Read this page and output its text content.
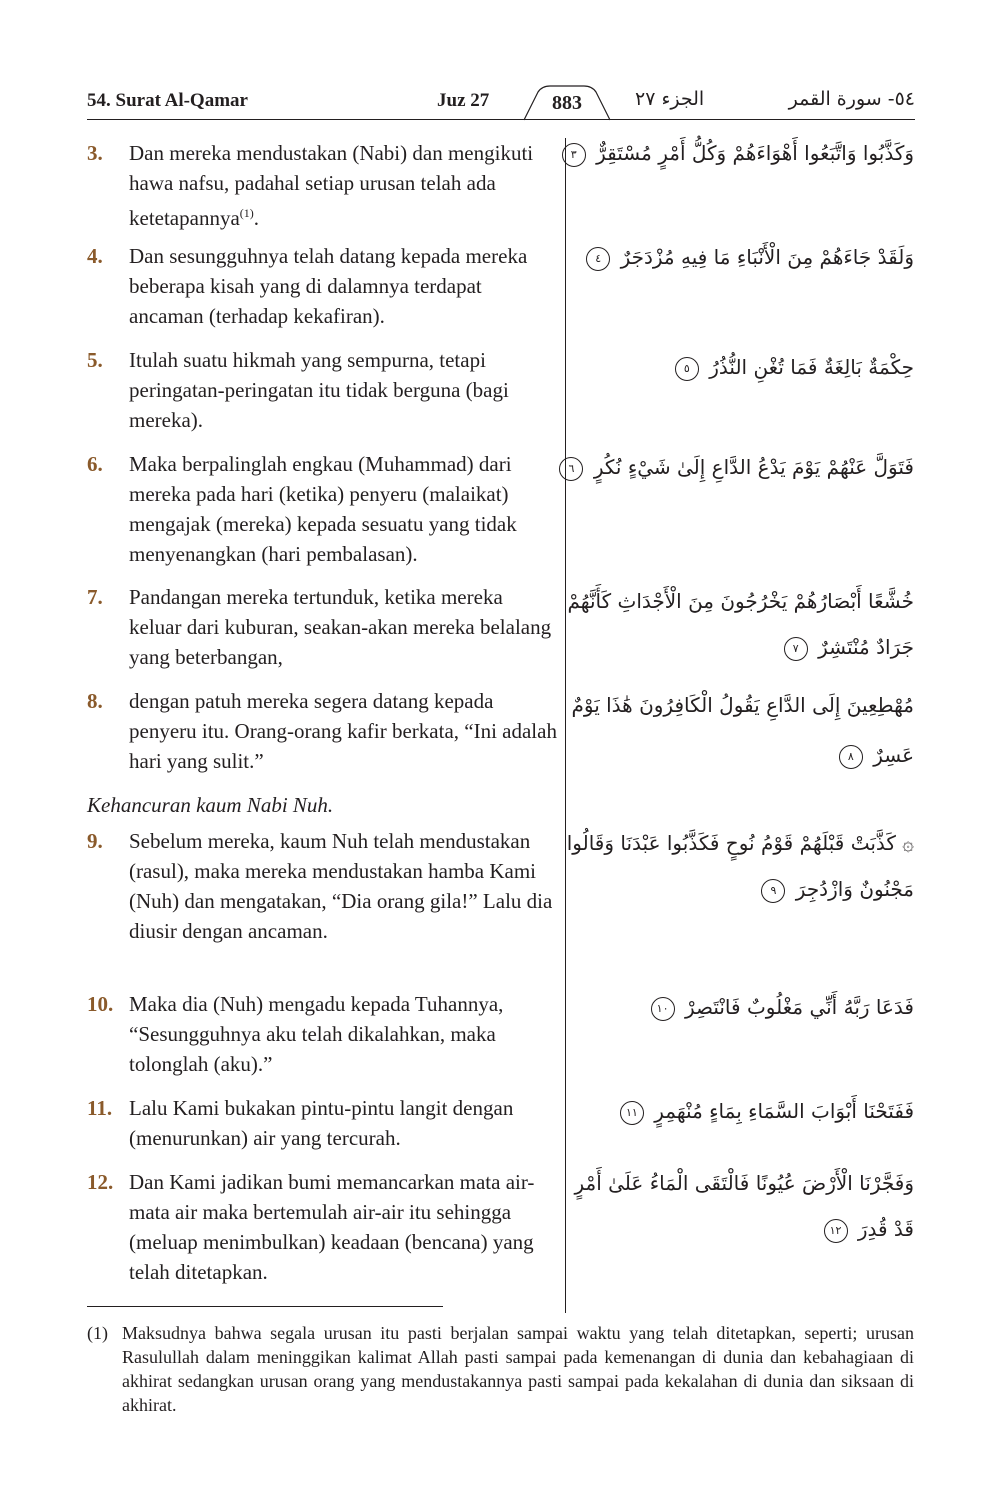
54. Surat Al-Qamar	Juz 27	883	الجزء ٢٧	٥٤- سورة القمر
3. Dan mereka mendustakan (Nabi) dan mengikuti hawa nafsu, padahal setiap urusan telah ada ketetapannya$^{(1)}$.
وَكَذَّبُوا وَاتَّبَعُوا أَهْوَاءَهُمْ وَكُلُّ أَمْرٍ مُسْتَقِرٌّ ٣
4. Dan sesungguhnya telah datang kepada mereka beberapa kisah yang di dalamnya terdapat ancaman (terhadap kekafiran).
وَلَقَدْ جَاءَهُمْ مِنَ الْأَنْبَاءِ مَا فِيهِ مُزْدَجَرٌ ٤
5. Itulah suatu hikmah yang sempurna, tetapi peringatan-peringatan itu tidak berguna (bagi mereka).
حِكْمَةٌ بَالِغَةٌ فَمَا تُغْنِ النُّذُرُ ٥
6. Maka berpalinglah engkau (Muhammad) dari mereka pada hari (ketika) penyeru (malaikat) mengajak (mereka) kepada sesuatu yang tidak menyenangkan (hari pembalasan).
فَتَوَلَّ عَنْهُمْ يَوْمَ يَدْعُ الدَّاعِ إِلَىٰ شَيْءٍ نُكُرٍ ٦
7. Pandangan mereka tertunduk, ketika mereka keluar dari kuburan, seakan-akan mereka belalang yang beterbangan,
خُشَّعًا أَبْصَارُهُمْ يَخْرُجُونَ مِنَ الْأَجْدَاثِ كَأَنَّهُمْ
جَرَادٌ مُنْتَشِرٌ ٧
8. dengan patuh mereka segera datang kepada penyeru itu. Orang-orang kafir berkata, “Ini adalah hari yang sulit.”
مُهْطِعِينَ إِلَى الدَّاعِ يَقُولُ الْكَافِرُونَ هَٰذَا يَوْمٌ
عَسِرٌ ٨
Kehancuran kaum Nabi Nuh.
9. Sebelum mereka, kaum Nuh telah mendustakan (rasul), maka mereka mendustakan hamba Kami (Nuh) dan mengatakan, “Dia orang gila!” Lalu dia diusir dengan ancaman.
۞ كَذَّبَتْ قَبْلَهُمْ قَوْمُ نُوحٍ فَكَذَّبُوا عَبْدَنَا وَقَالُوا
مَجْنُونٌ وَازْدُجِرَ ٩
10. Maka dia (Nuh) mengadu kepada Tuhannya, “Sesungguhnya aku telah dikalahkan, maka tolonglah (aku).”
فَدَعَا رَبَّهُ أَنِّي مَغْلُوبٌ فَانْتَصِرْ ١٠
11. Lalu Kami bukakan pintu-pintu langit dengan (menurunkan) air yang tercurah.
فَفَتَحْنَا أَبْوَابَ السَّمَاءِ بِمَاءٍ مُنْهَمِرٍ ١١
12. Dan Kami jadikan bumi memancarkan mata air-mata air maka bertemulah air-air itu sehingga (meluap menimbulkan) keadaan (bencana) yang telah ditetapkan.
وَفَجَّرْنَا الْأَرْضَ عُيُونًا فَالْتَقَى الْمَاءُ عَلَىٰ أَمْرٍ
قَدْ قُدِرَ ١٢
(1) Maksudnya bahwa segala urusan itu pasti berjalan sampai waktu yang telah ditetapkan, seperti; urusan Rasulullah dalam meninggikan kalimat Allah pasti sampai pada kemenangan di dunia dan kebahagiaan di akhirat sedangkan urusan orang yang mendustakannya pasti sampai pada kekalahan di dunia dan siksaan di akhirat.
